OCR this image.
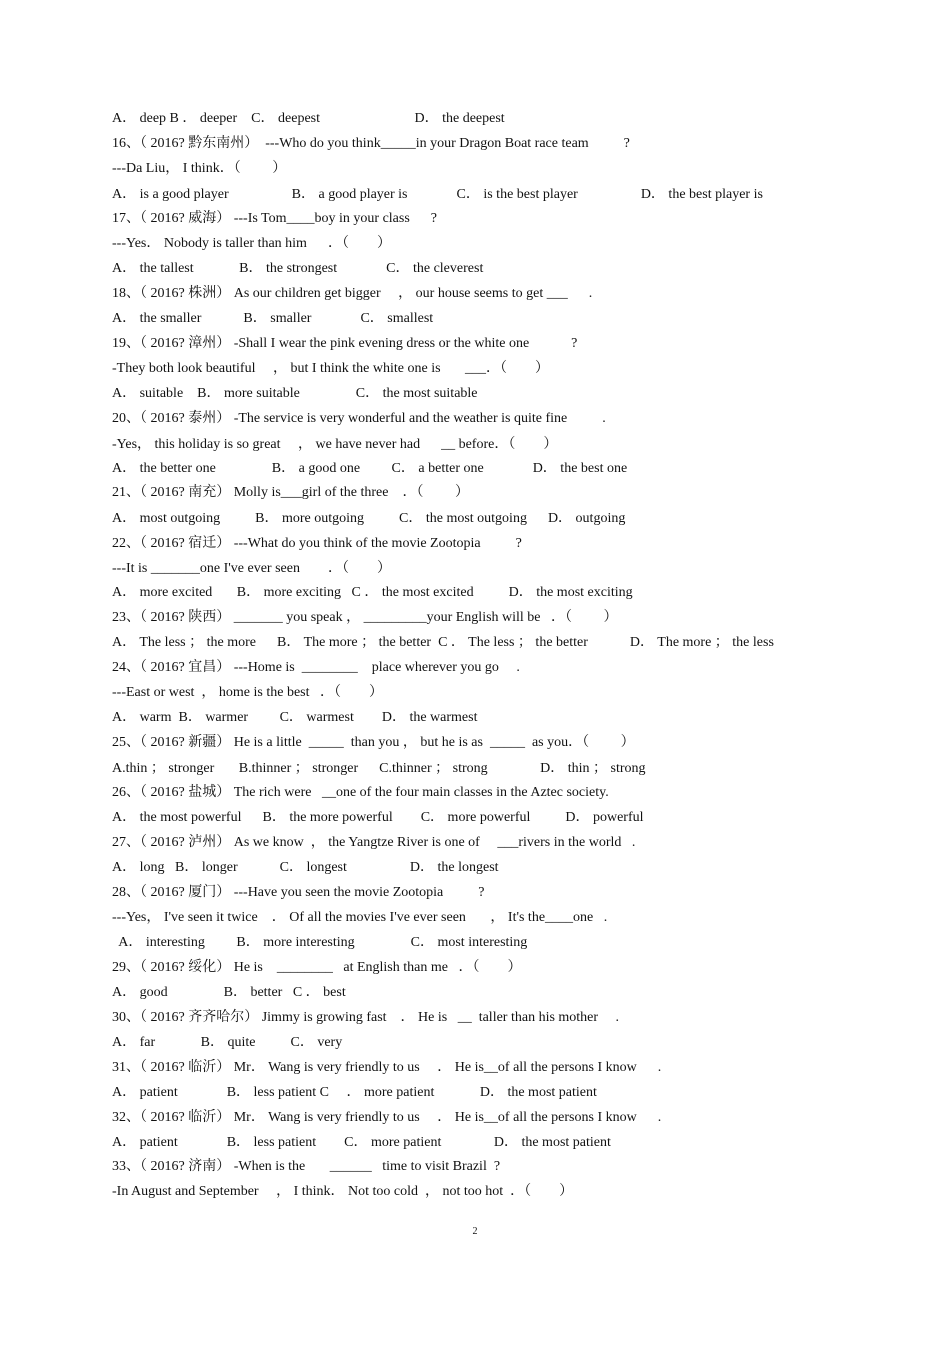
A． deep B ． deeper    C． deepest                           D． the deepest
16、（ 2016? 黔东南州）  ---Who do you think_____in your Dragon Boat race team          ?
---Da Liu， I think．（         ）
A． is a good player                  B． a good player is              C． is the best player                  D． the best player is
17、（ 2016? 威海） ---Is Tom____boy in your class      ?
---Yes． Nobody is taller than him      ．（        ）
A． the tallest             B． the strongest              C． the cleverest
18、（ 2016? 株洲） As our children get bigger     ， our house seems to get ___      .
A． the smaller            B． smaller              C． smallest
19、（ 2016? 漳州） -Shall I wear the pink evening dress or the white one            ?
-They both look beautiful     ， but I think the white one is       ___．（        ）
A． suitable    B． more suitable                C． the most suitable
20、（ 2016? 泰州） -The service is very wonderful and the weather is quite fine          .
-Yes， this holiday is so great     ， we have never had      __ before．（        ）
A． the better one                B． a good one         C． a better one              D． the best one
21、（ 2016? 南充） Molly is___girl of the three    ．（         ）
A． most outgoing          B． more outgoing          C． the most outgoing      D． outgoing
22、（ 2016? 宿迁） ---What do you think of the movie Zootopia          ?
---It is _______one I've ever seen        ．（        ）
A． more excited       B． more exciting   C ． the most excited          D． the most exciting
23、（ 2016? 陕西） _______ you speak ， _________your English will be   ．（         ）
A． The less ； the more      B． The more ； the better  C ． The less ； the better            D． The more ； the less
24、（ 2016? 宜昌） ---Home is  ________    place wherever you go     .
---East or west  ， home is the best   ．（        ）
A． warm  B． warmer         C． warmest        D． the warmest
25、（ 2016? 新疆） He is a little  _____  than you ， but he is as  _____  as you．（         ）
A.thin ； stronger       B.thinner ； stronger      C.thinner ； strong               D． thin ； strong
26、（ 2016? 盐城） The rich were   __one of the four main classes in the Aztec society.
A． the most powerful      B． the more powerful        C． more powerful          D． powerful
27、（ 2016? 泸州） As we know  ， the Yangtze River is one of     ___rivers in the world   .
A． long   B． longer            C． longest                  D． the longest
28、（ 2016? 厦门） ---Have you seen the movie Zootopia          ?
---Yes， I've seen it twice    ． Of all the movies I've ever seen       ， It's the____one   .
A． interesting         B． more interesting                C． most interesting
29、（ 2016? 绥化） He is    ________   at English than me   ．（        ）
A． good                B． better   C ． best
30、（ 2016? 齐齐哈尔） Jimmy is growing fast    ． He is   __  taller than his mother     .
A． far             B． quite          C． very
31、（ 2016? 临沂） Mr． Wang is very friendly to us     ． He is__of all the persons I know      .
A． patient              B． less patient C     ． more patient             D． the most patient
32、（ 2016? 临沂） Mr． Wang is very friendly to us     ． He is__of all the persons I know      .
A． patient              B． less patient        C． more patient               D． the most patient
33、（ 2016? 济南） -When is the       ______   time to visit Brazil  ?
-In August and September     ， I think． Not too cold  ， not too hot  ．（        ）
2
